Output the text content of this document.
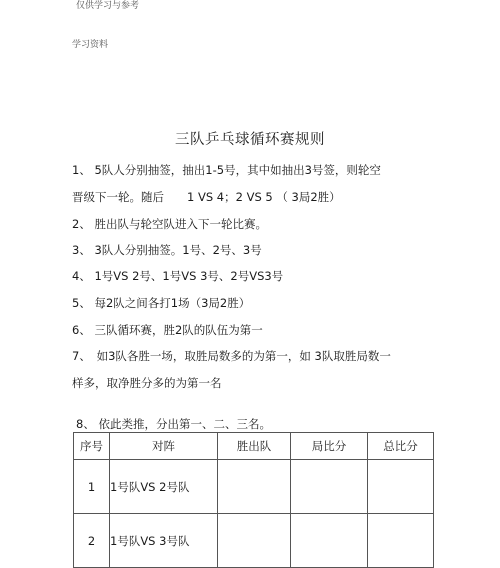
仅供学习与参考
学习资料
三队乒乓球循环赛规则
1、 5队人分别抽签，抽出1-5号，其中如抽出3号签，则轮空
晋级下一轮。随后　　1 VS 4；2 VS 5 （ 3局2胜）
2、 胜出队与轮空队进入下一轮比赛。
3、 3队人分别抽签。1号、2号、3号
4、 1号VS 2号、1号VS 3号、2号VS3号
5、 每2队之间各打1场（3局2胜）
6、 三队循环赛，胜2队的队伍为第一
7、　如3队各胜一场，取胜局数多的为第一，如 3队取胜局数一
样多，取净胜分多的为第一名
8、 依此类推，分出第一、二、三名。
序号	对阵	胜出队	局比分	总比分
1	1号队VS 2号队			
2	1号队VS 3号队			
